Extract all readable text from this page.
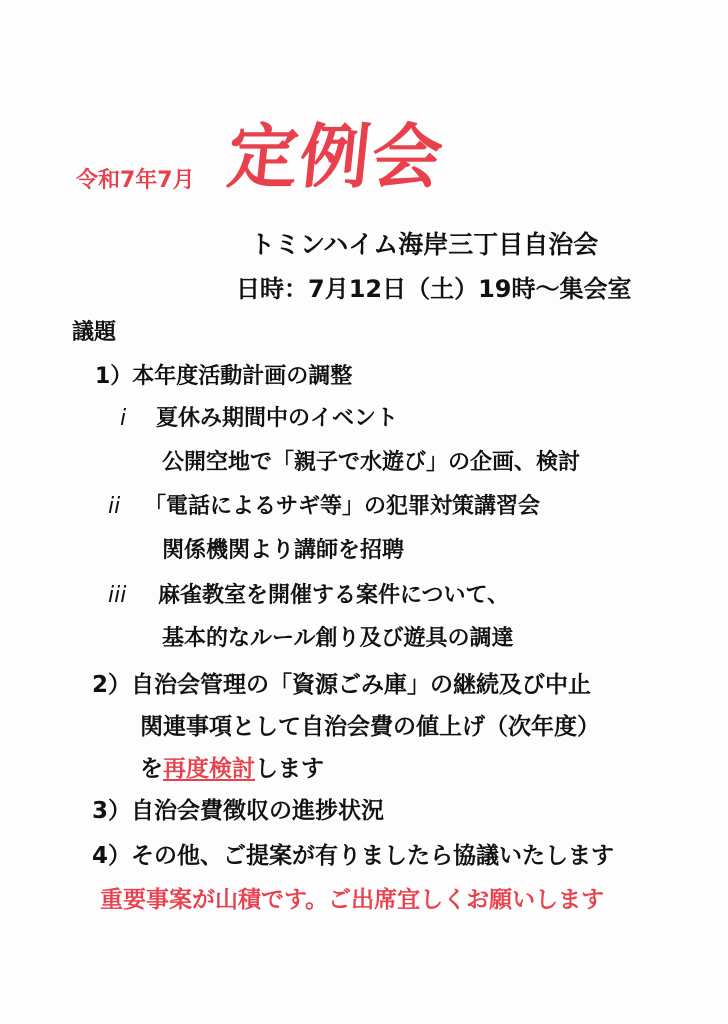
令和7年7月 定例会
トミンハイム海岸三丁目自治会
日時：7月12日（土）19時～集会室
議題
1）本年度活動計画の調整
i 夏休み期間中のイベント
公開空地で「親子で水遊び」の企画、検討
ii 「電話によるサギ等」の犯罪対策講習会
関係機関より講師を招聘
iii 麻雀教室を開催する案件について、
基本的なルール創り及び遊具の調達
2）自治会管理の「資源ごみ庫」の継続及び中止
関連事項として自治会費の値上げ（次年度）
を再度検討します
3）自治会費徴収の進捗状況
4）その他、ご提案が有りましたら協議いたします
重要事案が山積です。ご出席宜しくお願いします
